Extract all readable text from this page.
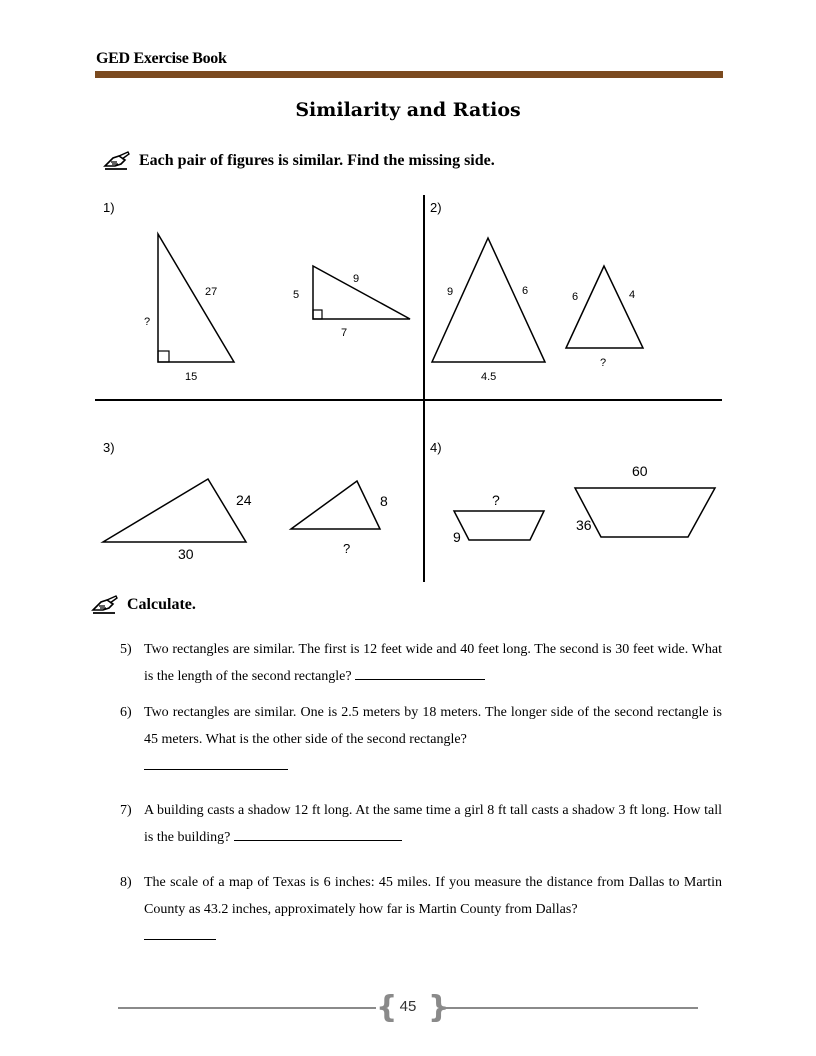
GED Exercise Book
Similarity and Ratios
Each pair of figures is similar. Find the missing side.
1)
27
?
15
9
5
7
2)
9	6
4.5
6	4
?
3)
24
30
8
?
4)
?
9
60
36
Calculate.
5) Two rectangles are similar. The first is 12 feet wide and 40 feet long. The second is 30 feet wide. What is the length of the second rectangle?
6) Two rectangles are similar. One is 2.5 meters by 18 meters. The longer side of the second rectangle is 45 meters. What is the other side of the second rectangle?

7) A building casts a shadow 12 ft long. At the same time a girl 8 ft tall casts a shadow 3 ft long. How tall is the building?
8) The scale of a map of Texas is 6 inches: 45 miles. If you measure the distance from Dallas to Martin County as 43.2 inches, approximately how far is Martin County from Dallas?

{ }
45
